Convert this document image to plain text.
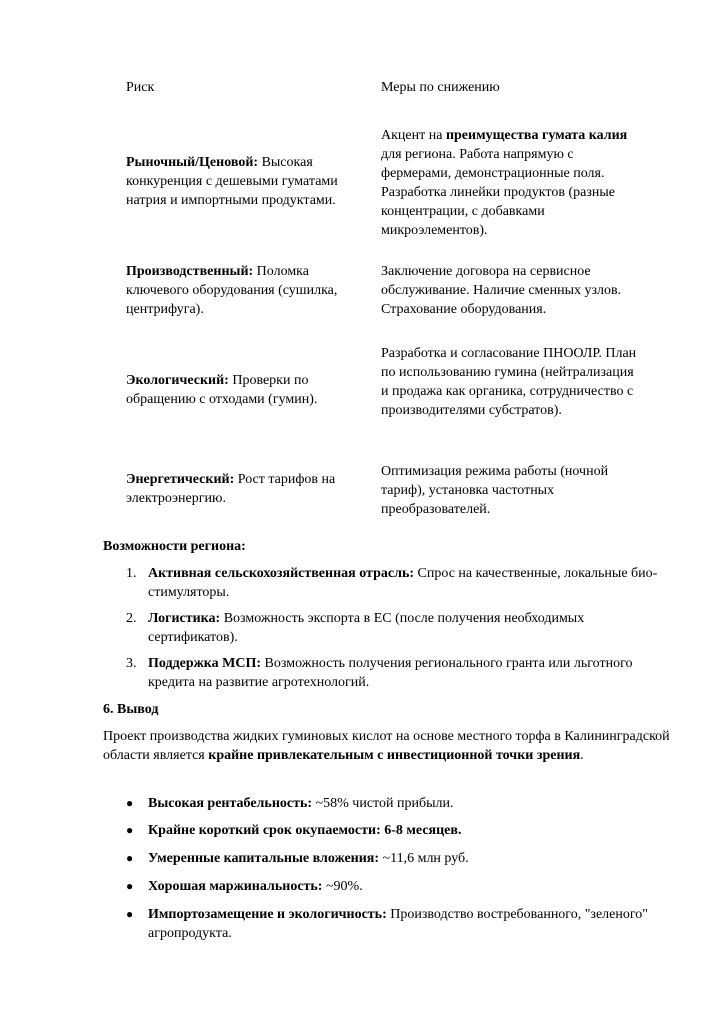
Риск	Меры по снижению
Рыночный/Ценовой: Высокая конкуренция с дешевыми гуматами натрия и импортными продуктами.
Акцент на преимущества гумата калия для региона. Работа напрямую с фермерами, демонстрационные поля. Разработка линейки продуктов (разные концентрации, с добавками микроэлементов).
Производственный: Поломка ключевого оборудования (сушилка, центрифуга).
Заключение договора на сервисное обслуживание. Наличие сменных узлов. Страхование оборудования.
Экологический: Проверки по обращению с отходами (гумин).
Разработка и согласование ПНООЛР. План по использованию гумина (нейтрализация и продажа как органика, сотрудничество с производителями субстратов).
Энергетический: Рост тарифов на электроэнергию.
Оптимизация режима работы (ночной тариф), установка частотных преобразователей.
Возможности региона:
1. Активная сельскохозяйственная отрасль: Спрос на качественные, локальные био-стимуляторы.
2. Логистика: Возможность экспорта в ЕС (после получения необходимых сертификатов).
3. Поддержка МСП: Возможность получения регионального гранта или льготного кредита на развитие агротехнологий.
6. Вывод
Проект производства жидких гуминовых кислот на основе местного торфа в Калининградской области является крайне привлекательным с инвестиционной точки зрения.
● Высокая рентабельность: ~58% чистой прибыли.
● Крайне короткий срок окупаемости: 6-8 месяцев.
● Умеренные капитальные вложения: ~11,6 млн руб.
● Хорошая маржинальность: ~90%.
● Импортозамещение и экологичность: Производство востребованного, "зеленого" агропродукта.
